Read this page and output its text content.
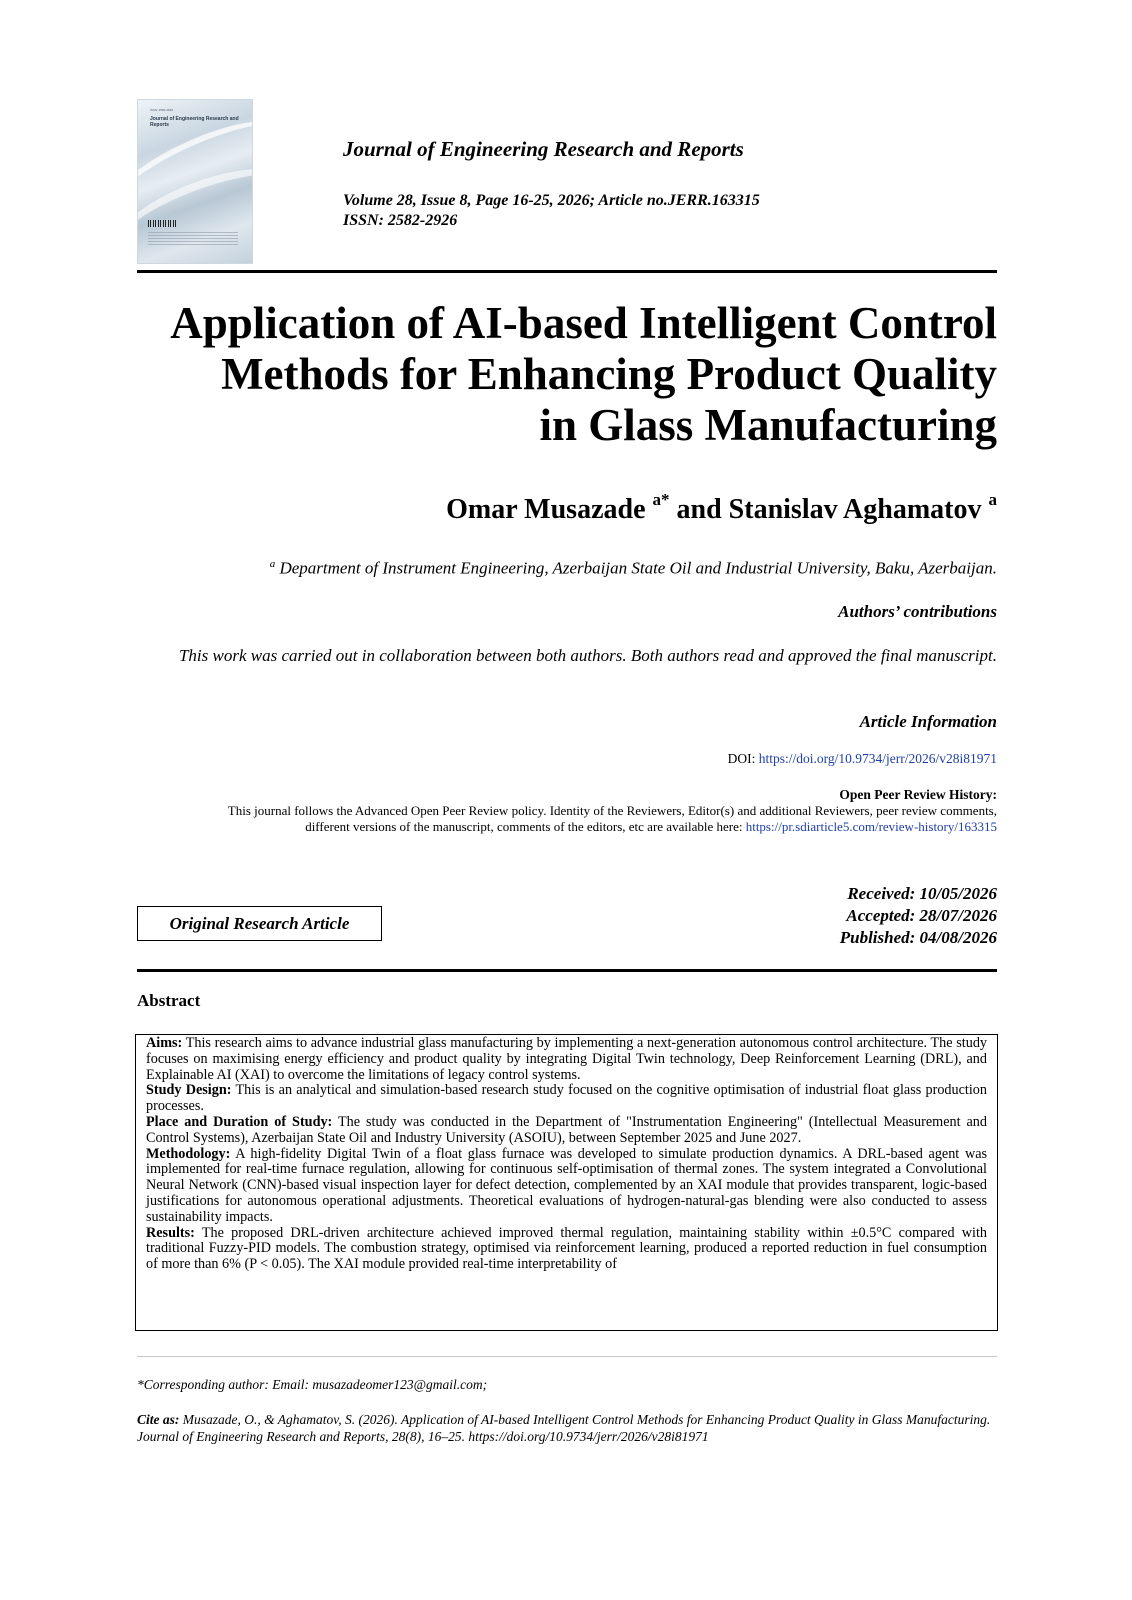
ISSN: 2582-2926
Journal of Engineering Research and Reports
Journal of Engineering Research and Reports
Volume 28, Issue 8, Page 16-25, 2026; Article no.JERR.163315
ISSN: 2582-2926
Application of AI-based Intelligent Control
Methods for Enhancing Product Quality
in Glass Manufacturing
Omar Musazade $^{a*}$ and Stanislav Aghamatov $^a$
$^a$ Department of Instrument Engineering, Azerbaijan State Oil and Industrial University, Baku, Azerbaijan.
Authors’ contributions
This work was carried out in collaboration between both authors. Both authors read and approved the final manuscript.
Article Information
DOI: https://doi.org/10.9734/jerr/2026/v28i81971
Open Peer Review History:
This journal follows the Advanced Open Peer Review policy. Identity of the Reviewers, Editor(s) and additional Reviewers, peer review comments,
different versions of the manuscript, comments of the editors, etc are available here: https://pr.sdiarticle5.com/review-history/163315
Received: 10/05/2026
Accepted: 28/07/2026
Published: 04/08/2026
Original Research Article
Abstract

Aims: This research aims to advance industrial glass manufacturing by implementing a next-generation autonomous control architecture. The study focuses on maximising energy efficiency and product quality by integrating Digital Twin technology, Deep Reinforcement Learning (DRL), and Explainable AI (XAI) to overcome the limitations of legacy control systems.

Study Design: This is an analytical and simulation-based research study focused on the cognitive optimisation of industrial float glass production processes.

Place and Duration of Study: The study was conducted in the Department of "Instrumentation Engineering" (Intellectual Measurement and Control Systems), Azerbaijan State Oil and Industry University (ASOIU), between September 2025 and June 2027.

Methodology: A high-fidelity Digital Twin of a float glass furnace was developed to simulate production dynamics. A DRL-based agent was implemented for real-time furnace regulation, allowing for continuous self-optimisation of thermal zones. The system integrated a Convolutional Neural Network (CNN)-based visual inspection layer for defect detection, complemented by an XAI module that provides transparent, logic-based justifications for autonomous operational adjustments. Theoretical evaluations of hydrogen-natural-gas blending were also conducted to assess sustainability impacts.

Results: The proposed DRL-driven architecture achieved improved thermal regulation, maintaining stability within ±0.5°C compared with traditional Fuzzy-PID models. The combustion strategy, optimised via reinforcement learning, produced a reported reduction in fuel consumption of more than 6% (P < 0.05). The XAI module provided real-time interpretability of

*Corresponding author: Email: musazadeomer123@gmail.com;
Cite as: Musazade, O., & Aghamatov, S. (2026). Application of AI-based Intelligent Control Methods for Enhancing Product Quality in Glass Manufacturing. Journal of Engineering Research and Reports, 28(8), 16–25. https://doi.org/10.9734/jerr/2026/v28i81971
